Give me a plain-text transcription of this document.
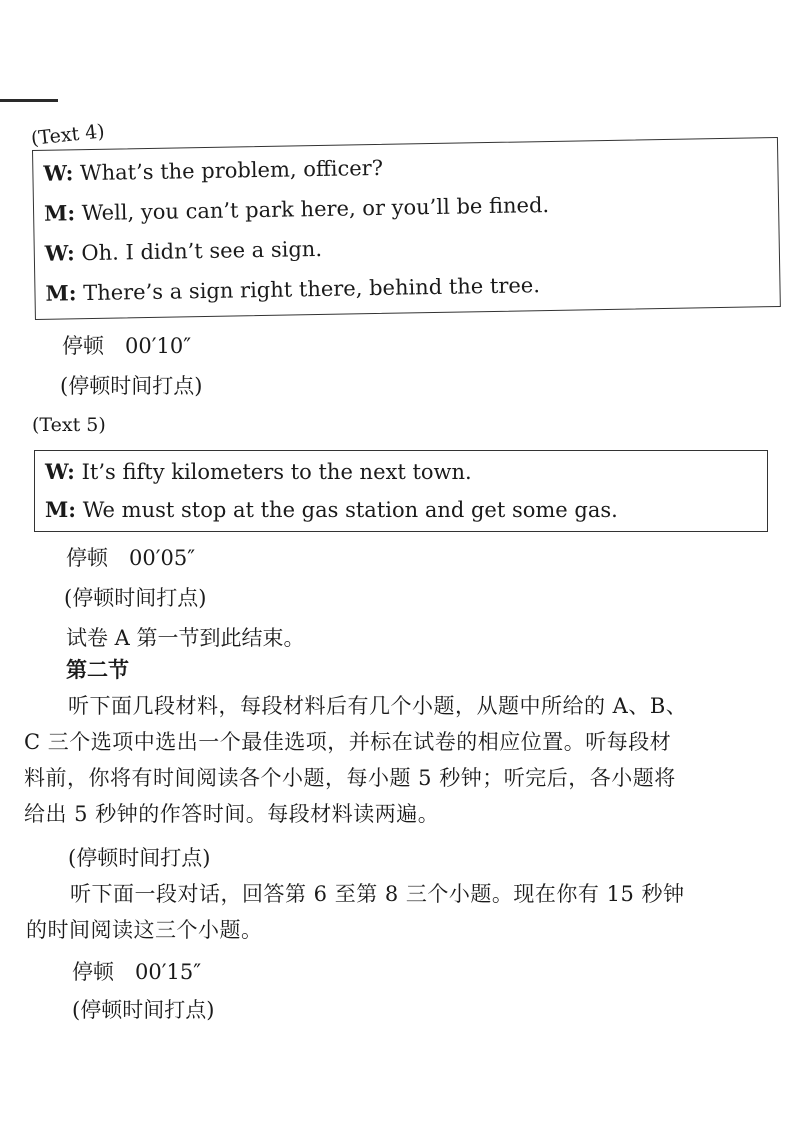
(Text 4)
W: What’s the problem, officer?
M: Well, you can’t park here, or you’ll be fined.
W: Oh. I didn’t see a sign.
M: There’s a sign right there, behind the tree.
停顿　00′10″
(停顿时间打点)
(Text 5)
W: It’s fifty kilometers to the next town.
M: We must stop at the gas station and get some gas.
停顿　00′05″
(停顿时间打点)
试卷 A 第一节到此结束。
第二节
听下面几段材料，每段材料后有几个小题，从题中所给的 A、B、
C 三个选项中选出一个最佳选项，并标在试卷的相应位置。听每段材
料前，你将有时间阅读各个小题，每小题 5 秒钟；听完后，各小题将
给出 5 秒钟的作答时间。每段材料读两遍。
(停顿时间打点)
听下面一段对话，回答第 6 至第 8 三个小题。现在你有 15 秒钟
的时间阅读这三个小题。
停顿　00′15″
(停顿时间打点)
